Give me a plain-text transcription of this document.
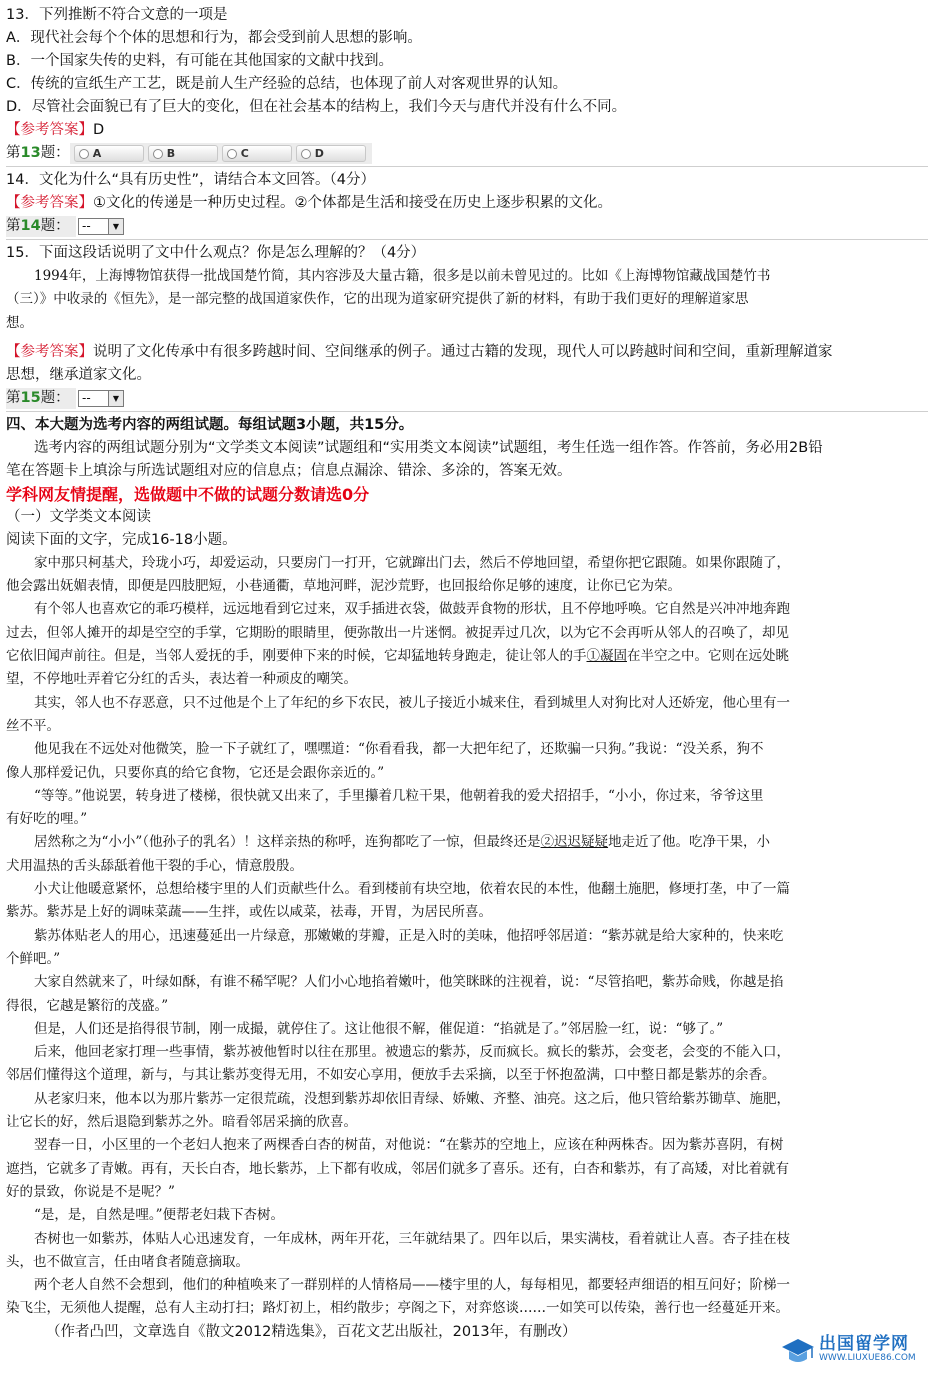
13．下列推断不符合文意的一项是
A．现代社会每个个体的思想和行为，都会受到前人思想的影响。
B．一个国家失传的史料，有可能在其他国家的文献中找到。
C．传统的宣纸生产工艺，既是前人生产经验的总结，也体现了前人对客观世界的认知。
D．尽管社会面貌已有了巨大的变化，但在社会基本的结构上，我们今天与唐代并没有什么不同。
【参考答案】D
第 13 题： A	B	C	D
14．文化为什么“具有历史性”，请结合本文回答。（4分）
【参考答案】①文化的传递是一种历史过程。②个体都是生活和接受在历史上逐步积累的文化。
第 14 题： --	▼
15．下面这段话说明了文中什么观点？你是怎么理解的？（4分）
1994年，上海博物馆获得一批战国楚竹简，其内容涉及大量古籍，很多是以前未曾见过的。比如《上海博物馆藏战国楚竹书
（三）》中收录的《恒先》，是一部完整的战国道家佚作，它的出现为道家研究提供了新的材料，有助于我们更好的理解道家思
想。
【参考答案】说明了文化传承中有很多跨越时间、空间继承的例子。通过古籍的发现，现代人可以跨越时间和空间，重新理解道家
思想，继承道家文化。
第 15 题： --	▼
四、本大题为选考内容的两组试题。每组试题3小题，共15分。
选考内容的两组试题分别为“文学类文本阅读”试题组和“实用类文本阅读”试题组，考生任选一组作答。作答前，务必用2B铅
笔在答题卡上填涂与所选试题组对应的信息点；信息点漏涂、错涂、多涂的，答案无效。
学科网友情提醒，选做题中不做的试题分数请选0分
（一）文学类文本阅读
阅读下面的文字，完成16-18小题。
家中那只柯基犬，玲珑小巧，却爱运动，只要房门一打开，它就蹿出门去，然后不停地回望，希望你把它跟随。如果你跟随了，
他会露出妩媚表情，即便是四肢肥短，小巷通衢，草地河畔，泥沙荒野，也回报给你足够的速度，让你已它为荣。
有个邻人也喜欢它的乖巧模样，远远地看到它过来，双手插进衣袋，做鼓弄食物的形状，且不停地呼唤。它自然是兴冲冲地奔跑
过去，但邻人摊开的却是空空的手掌，它期盼的眼睛里，便弥散出一片迷惘。被捉弄过几次，以为它不会再听从邻人的召唤了，却见
它依旧闻声前往。但是，当邻人爱抚的手，刚要伸下来的时候，它却猛地转身跑走，徒让邻人的手①凝固在半空之中。它则在远处眺
望，不停地吐弄着它分红的舌头，表达着一种顽皮的嘲笑。
其实，邻人也不存恶意，只不过他是个上了年纪的乡下农民，被儿子接近小城来住，看到城里人对狗比对人还娇宠，他心里有一
丝不平。
他见我在不远处对他微笑，脸一下子就红了，嘿嘿道：“你看看我，都一大把年纪了，还欺骗一只狗。”我说：“没关系，狗不
像人那样爱记仇，只要你真的给它食物，它还是会跟你亲近的。”
“等等。”他说罢，转身进了楼梯，很快就又出来了，手里攥着几粒干果，他朝着我的爱犬招招手，“小小，你过来，爷爷这里
有好吃的哩。”
居然称之为“小小”（他孙子的乳名）！这样亲热的称呼，连狗都吃了一惊，但最终还是②迟迟疑疑地走近了他。吃净干果，小
犬用温热的舌头舔舐着他干裂的手心，情意殷殷。
小犬让他暖意紧怀，总想给楼宇里的人们贡献些什么。看到楼前有块空地，依着农民的本性，他翻土施肥，修埂打垄，中了一篇
紫苏。紫苏是上好的调味菜蔬——生拌，或佐以咸菜，祛毒，开胃，为居民所喜。
紫苏体贴老人的用心，迅速蔓延出一片绿意，那嫩嫩的芽瓣，正是入时的美味，他招呼邻居道：“紫苏就是给大家种的，快来吃
个鲜吧。”
大家自然就来了，叶绿如酥，有谁不稀罕呢？人们小心地掐着嫩叶，他笑眯眯的注视着，说：“尽管掐吧，紫苏命贱，你越是掐
得很，它越是繁衍的茂盛。”
但是，人们还是掐得很节制，刚一成撮，就停住了。这让他很不解，催促道：“掐就是了。”邻居脸一红，说：“够了。”
后来，他回老家打理一些事情，紫苏被他暂时以往在那里。被遗忘的紫苏，反而疯长。疯长的紫苏，会变老，会变的不能入口，
邻居们懂得这个道理，新与，与其让紫苏变得无用，不如安心享用，便放手去采摘，以至于怀抱盈满，口中整日都是紫苏的余香。
从老家归来，他本以为那片紫苏一定很荒疏，没想到紫苏却依旧青绿、娇嫩、齐整、油亮。这之后，他只管给紫苏锄草、施肥，
让它长的好，然后退隐到紫苏之外。暗看邻居采摘的欣喜。
翌春一日，小区里的一个老妇人抱来了两棵香白杏的树苗，对他说：“在紫苏的空地上，应该在种两株杏。因为紫苏喜阴，有树
遮挡，它就多了青嫩。再有，天长白杏，地长紫苏，上下都有收成，邻居们就多了喜乐。还有，白杏和紫苏，有了高矮，对比着就有
好的景致，你说是不是呢？”
“是，是，自然是哩。”便帮老妇栽下杏树。
杏树也一如紫苏，体贴人心迅速发育，一年成林，两年开花，三年就结果了。四年以后，果实满枝，看着就让人喜。杏子挂在枝
头，也不做宣言，任由啫食者随意摘取。
两个老人自然不会想到，他们的种植唤来了一群别样的人情格局——楼宇里的人，每每相见，都要轻声细语的相互问好；阶梯一
染飞尘，无须他人提醒，总有人主动打扫；路灯初上，相约散步；亭阁之下，对弈悠谈……一如笑可以传染，善行也一经蔓延开来。
（作者凸凹，文章选自《散文2012精选集》，百花文艺出版社，2013年，有删改）
出国留学网
WWW.LIUXUE86.COM
